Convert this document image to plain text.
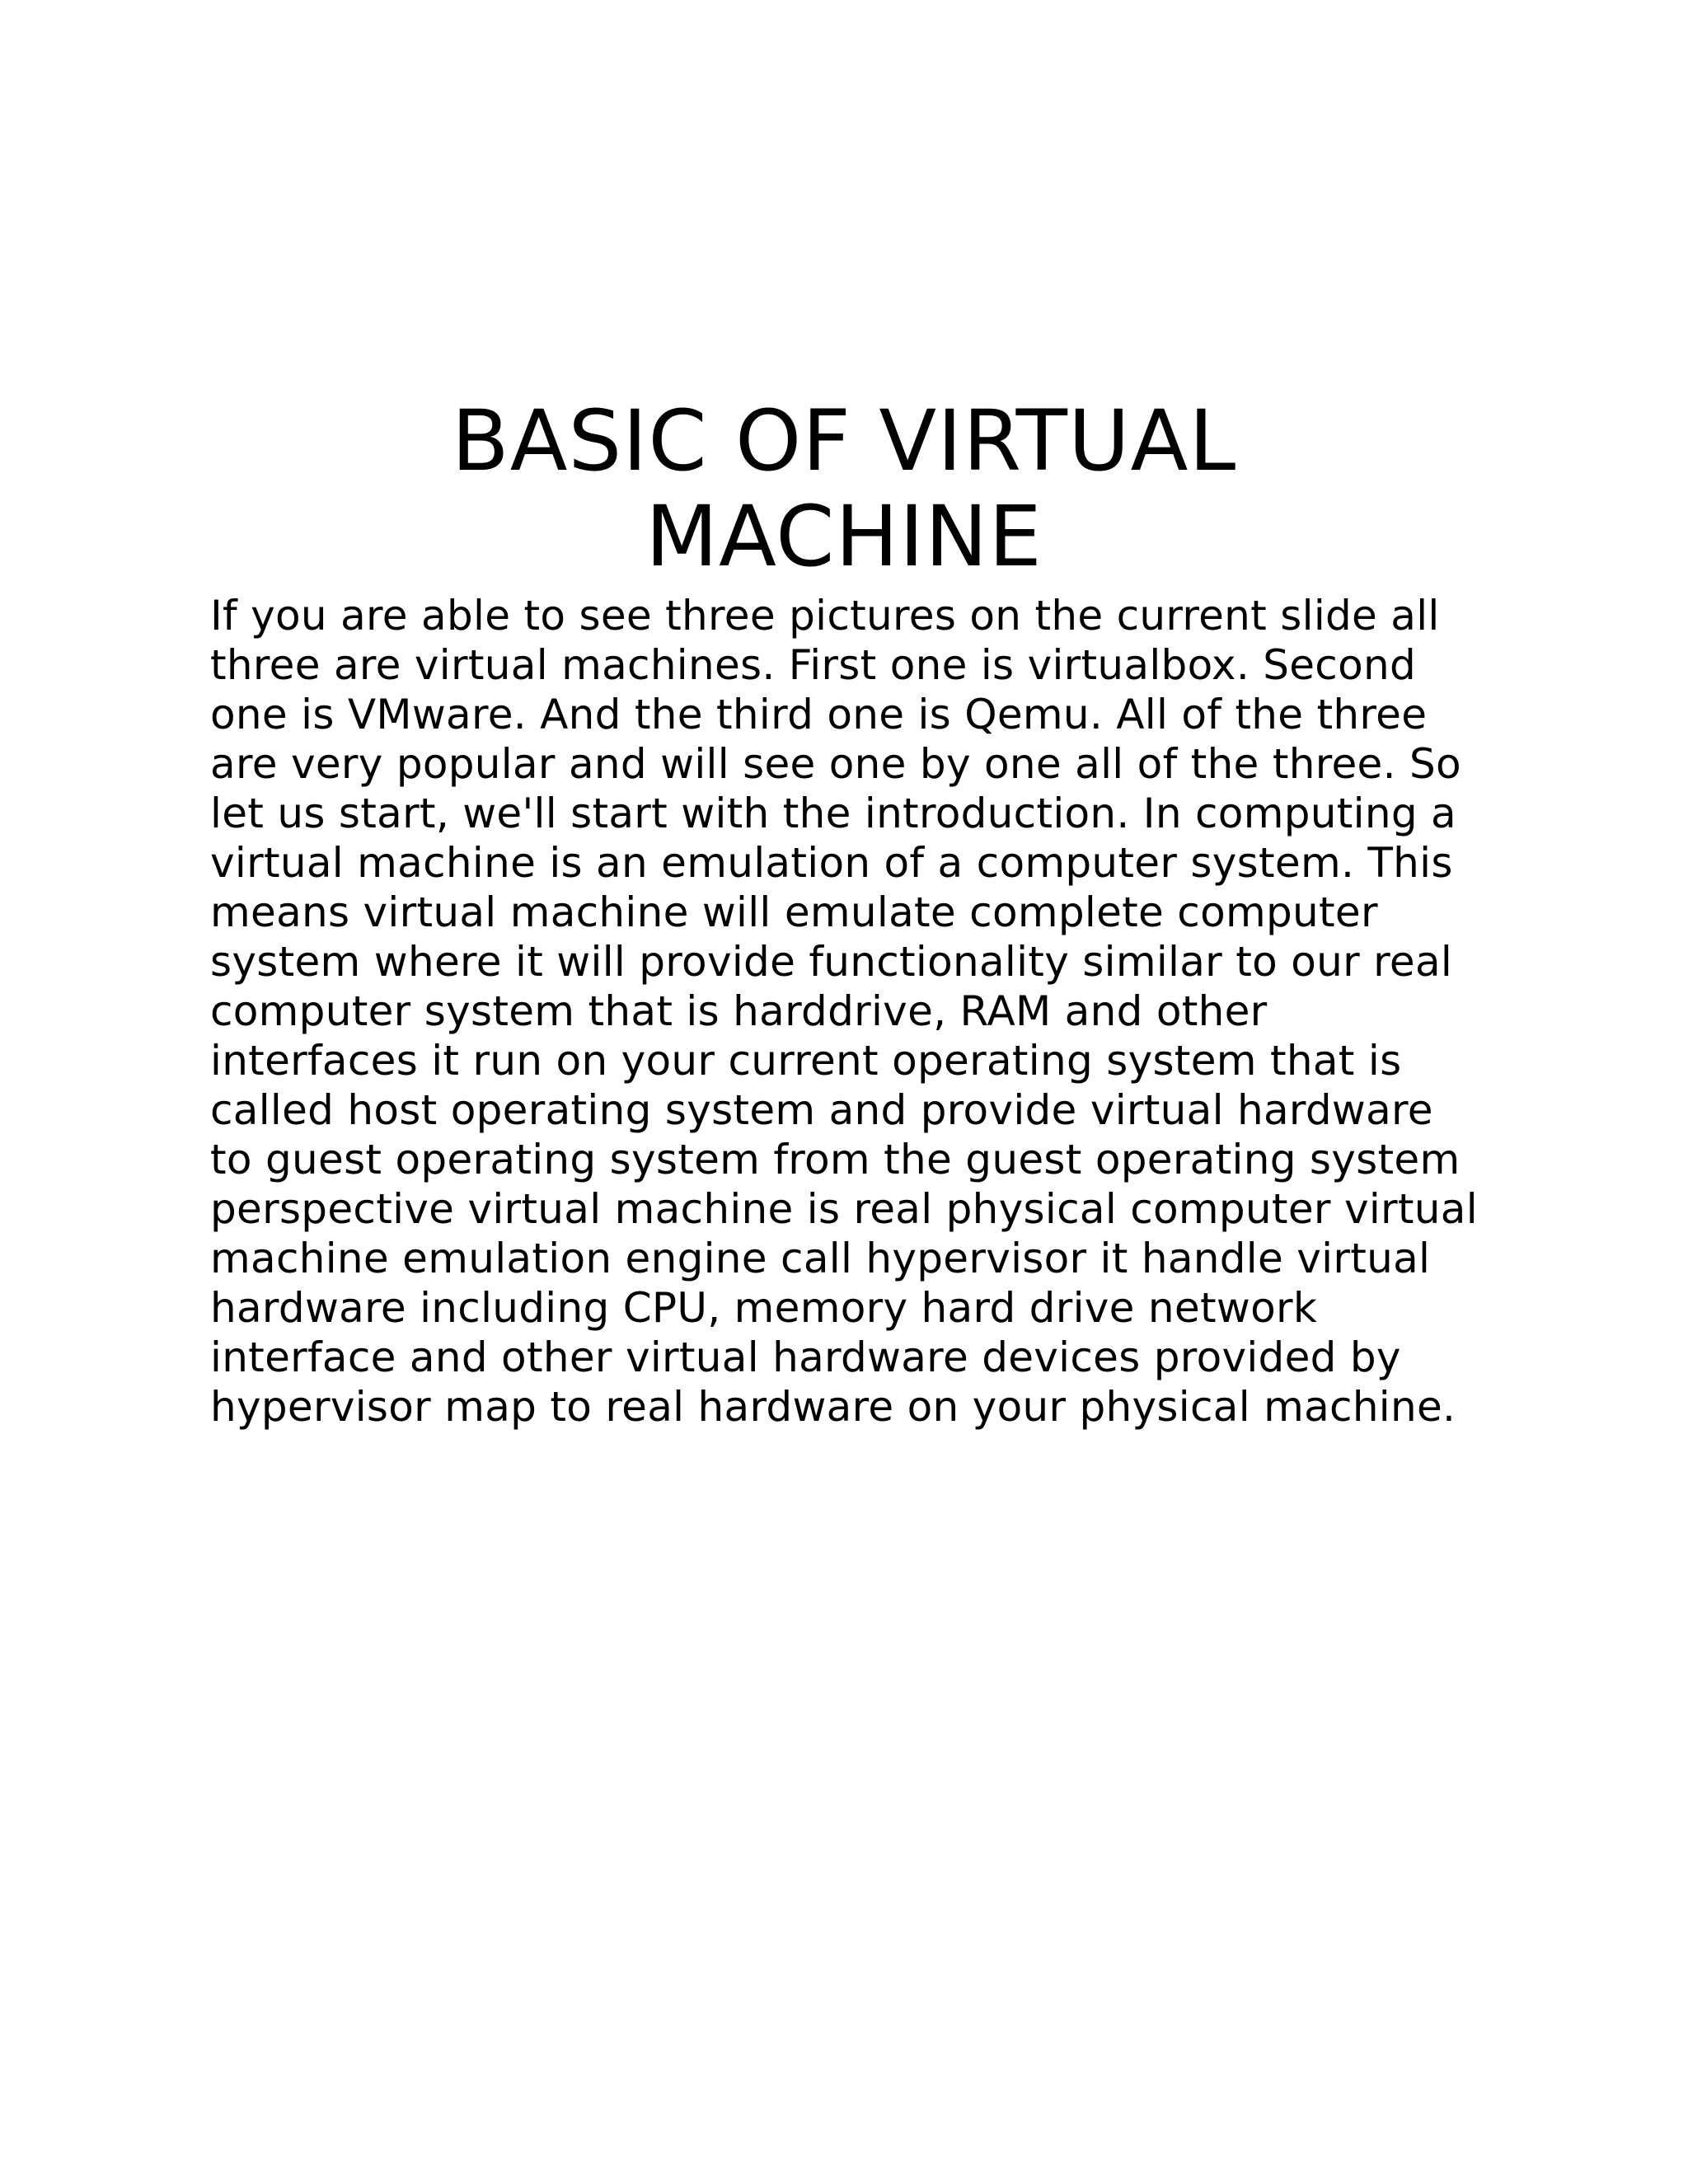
BASIC OF VIRTUAL
MACHINE
If you are able to see three pictures on the current slide all
three are virtual machines. First one is virtualbox. Second
one is VMware. And the third one is Qemu. All of the three
are very popular and will see one by one all of the three. So
let us start, we'll start with the introduction. In computing a
virtual machine is an emulation of a computer system. This
means virtual machine will emulate complete computer
system where it will provide functionality similar to our real
computer system that is harddrive, RAM and other
interfaces it run on your current operating system that is
called host operating system and provide virtual hardware
to guest operating system from the guest operating system
perspective virtual machine is real physical computer virtual
machine emulation engine call hypervisor it handle virtual
hardware including CPU, memory hard drive network
interface and other virtual hardware devices provided by
hypervisor map to real hardware on your physical machine.
